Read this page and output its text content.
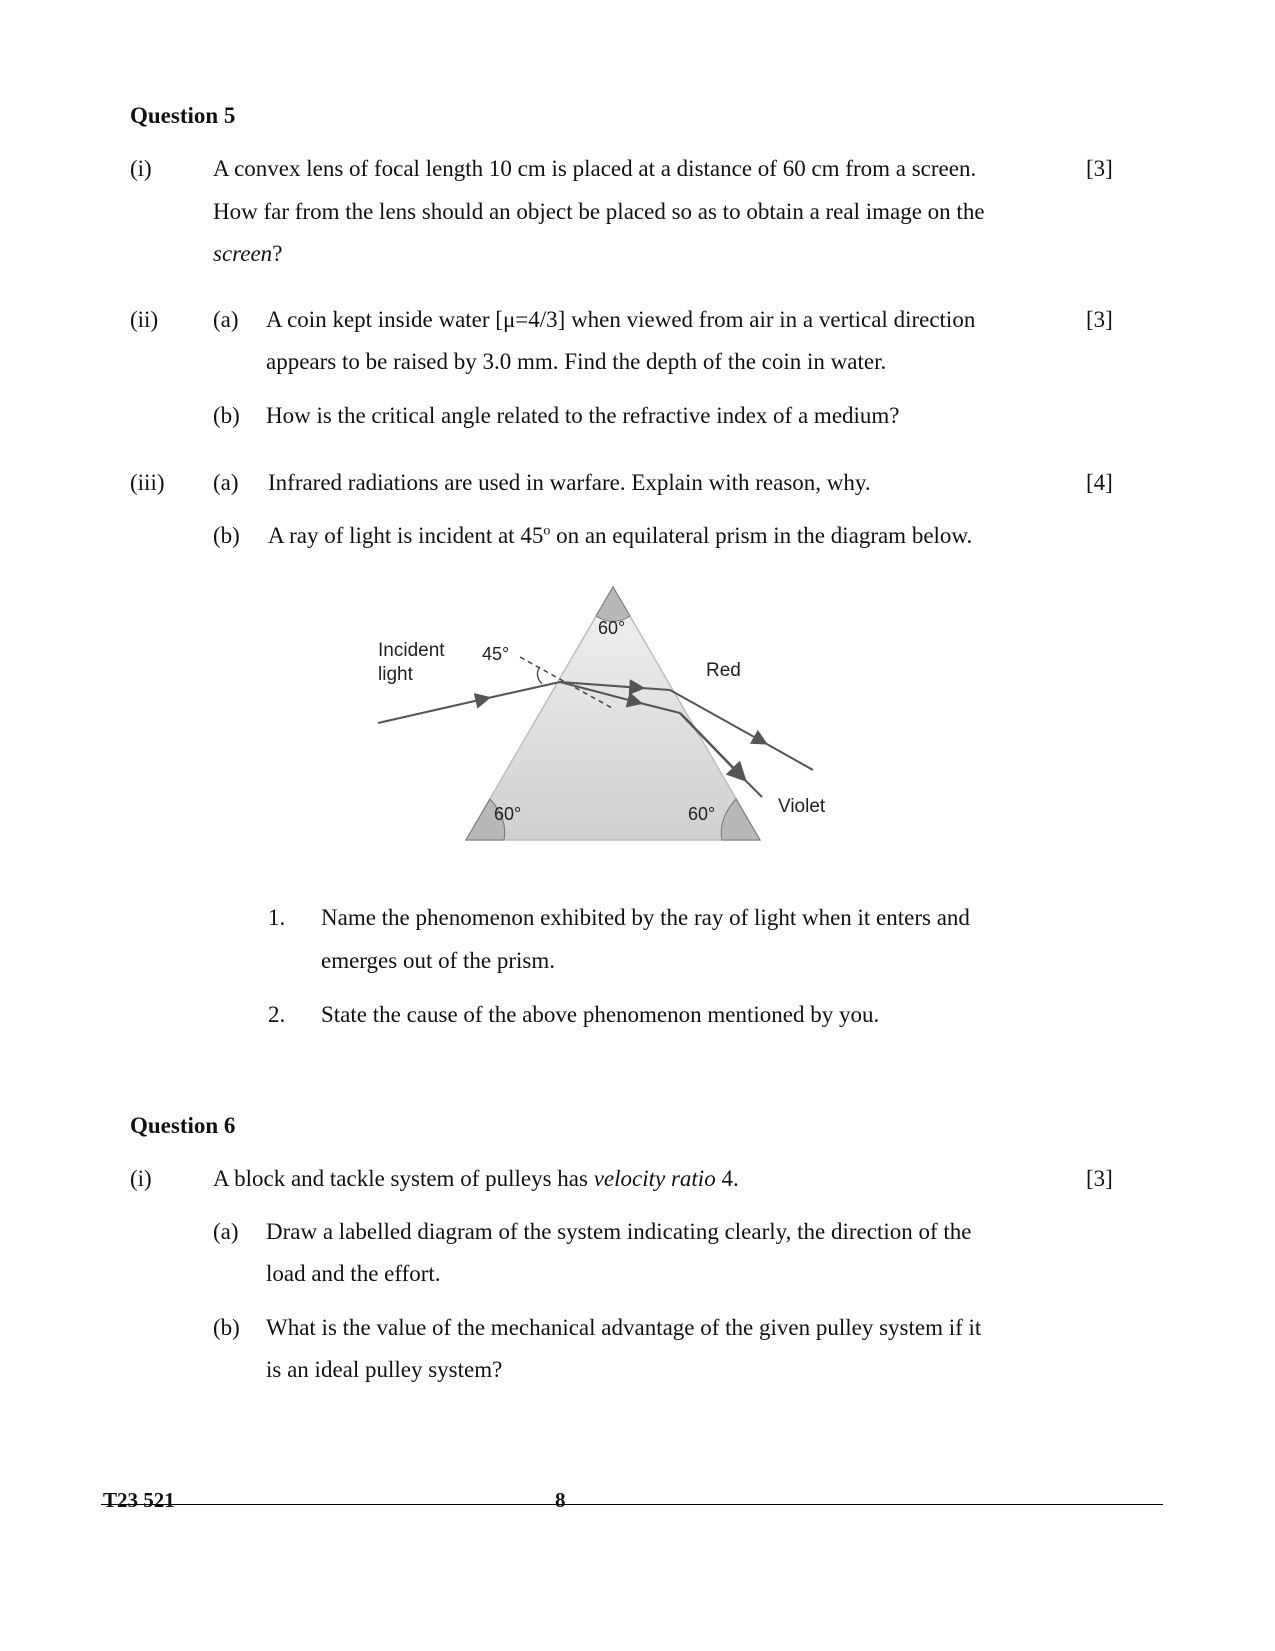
Question 5
(i)	A convex lens of focal length 10 cm is placed at a distance of 60 cm from a screen.	[3]
How far from the lens should an object be placed so as to obtain a real image on the
screen?
(ii) (a) A coin kept inside water [μ=4/3] when viewed from air in a vertical direction	[3]
appears to be raised by 3.0 mm. Find the depth of the coin in water.
(b) How is the critical angle related to the refractive index of a medium?
(iii) (a) Infrared radiations are used in warfare. Explain with reason, why.	[4]
(b) A ray of light is incident at 45$^o$ on an equilateral prism in the diagram below.
Incident
light
45°
60°
60°	60°
Red
Violet
1. Name the phenomenon exhibited by the ray of light when it enters and
emerges out of the prism.
2. State the cause of the above phenomenon mentioned by you.
Question 6
(i)	A block and tackle system of pulleys has velocity ratio 4.	[3]
(a) Draw a labelled diagram of the system indicating clearly, the direction of the
load and the effort.
(b) What is the value of the mechanical advantage of the given pulley system if it
is an ideal pulley system?
T23 521	8
